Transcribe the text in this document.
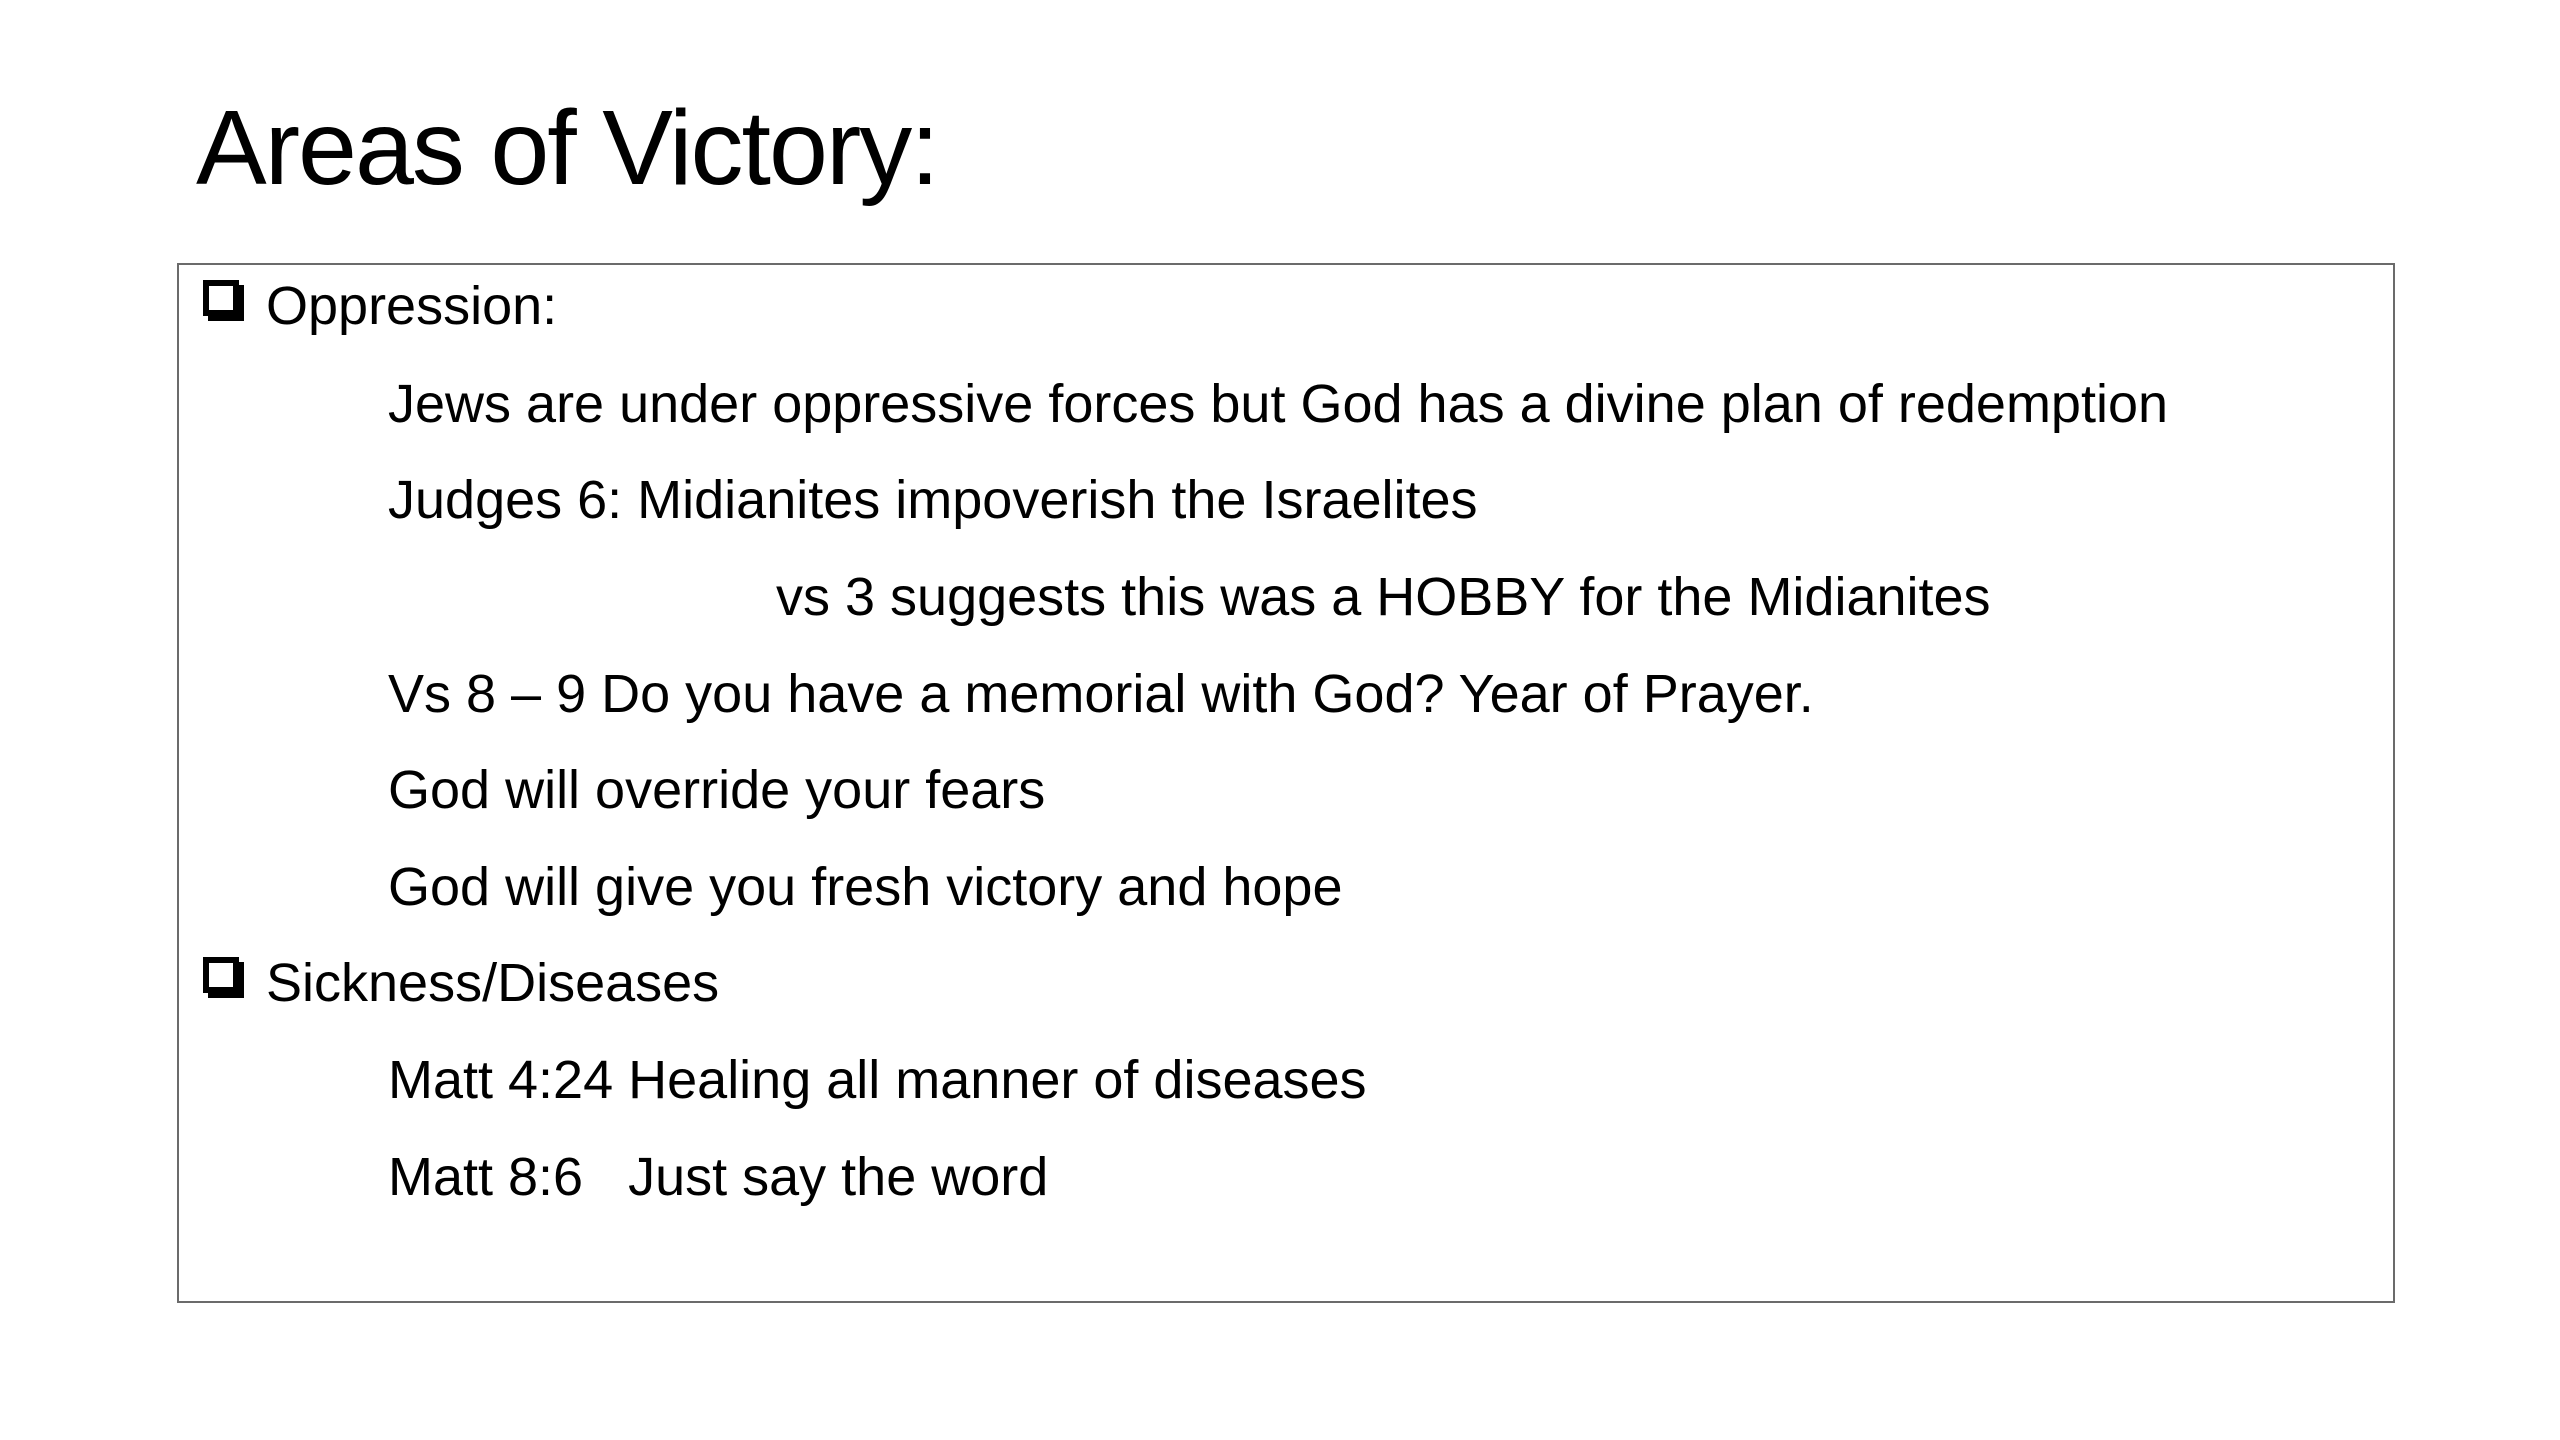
Areas of Victory:
Oppression:
Jews are under oppressive forces but God has a divine plan of redemption
Judges 6: Midianites impoverish the Israelites
vs 3 suggests this was a HOBBY for the Midianites
Vs 8 – 9 Do you have a memorial with God? Year of Prayer.
God will override your fears
God will give you fresh victory and hope
Sickness/Diseases
Matt 4:24 Healing all manner of diseases
Matt 8:6   Just say the word
